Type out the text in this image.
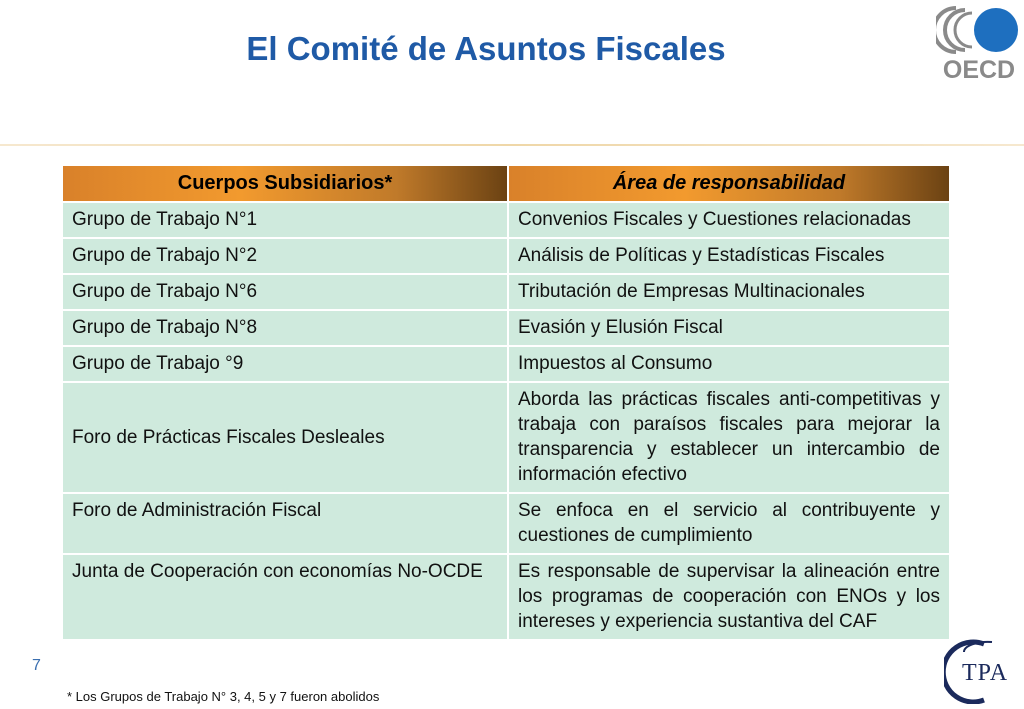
El Comité de Asuntos Fiscales
OECD
Cuerpos Subsidiarios*	Área de responsabilidad
Grupo de Trabajo N°1	Convenios Fiscales y Cuestiones relacionadas
Grupo de Trabajo N°2	Análisis de Políticas y Estadísticas Fiscales
Grupo de Trabajo N°6	Tributación de Empresas Multinacionales
Grupo de Trabajo N°8	Evasión y Elusión Fiscal
Grupo de Trabajo °9	Impuestos al Consumo
Foro de Prácticas Fiscales Desleales	Aborda las prácticas fiscales anti-competitivas y trabaja con paraísos fiscales para mejorar la transparencia y establecer un intercambio de información efectivo
Foro de Administración Fiscal	Se enfoca en el servicio al contribuyente y cuestiones de cumplimiento
Junta de Cooperación con economías No-OCDE	Es responsable de supervisar la alineación entre los programas de cooperación con ENOs y los intereses y experiencia sustantiva del CAF
7
* Los Grupos de Trabajo N° 3, 4, 5 y 7 fueron abolidos
TPA
